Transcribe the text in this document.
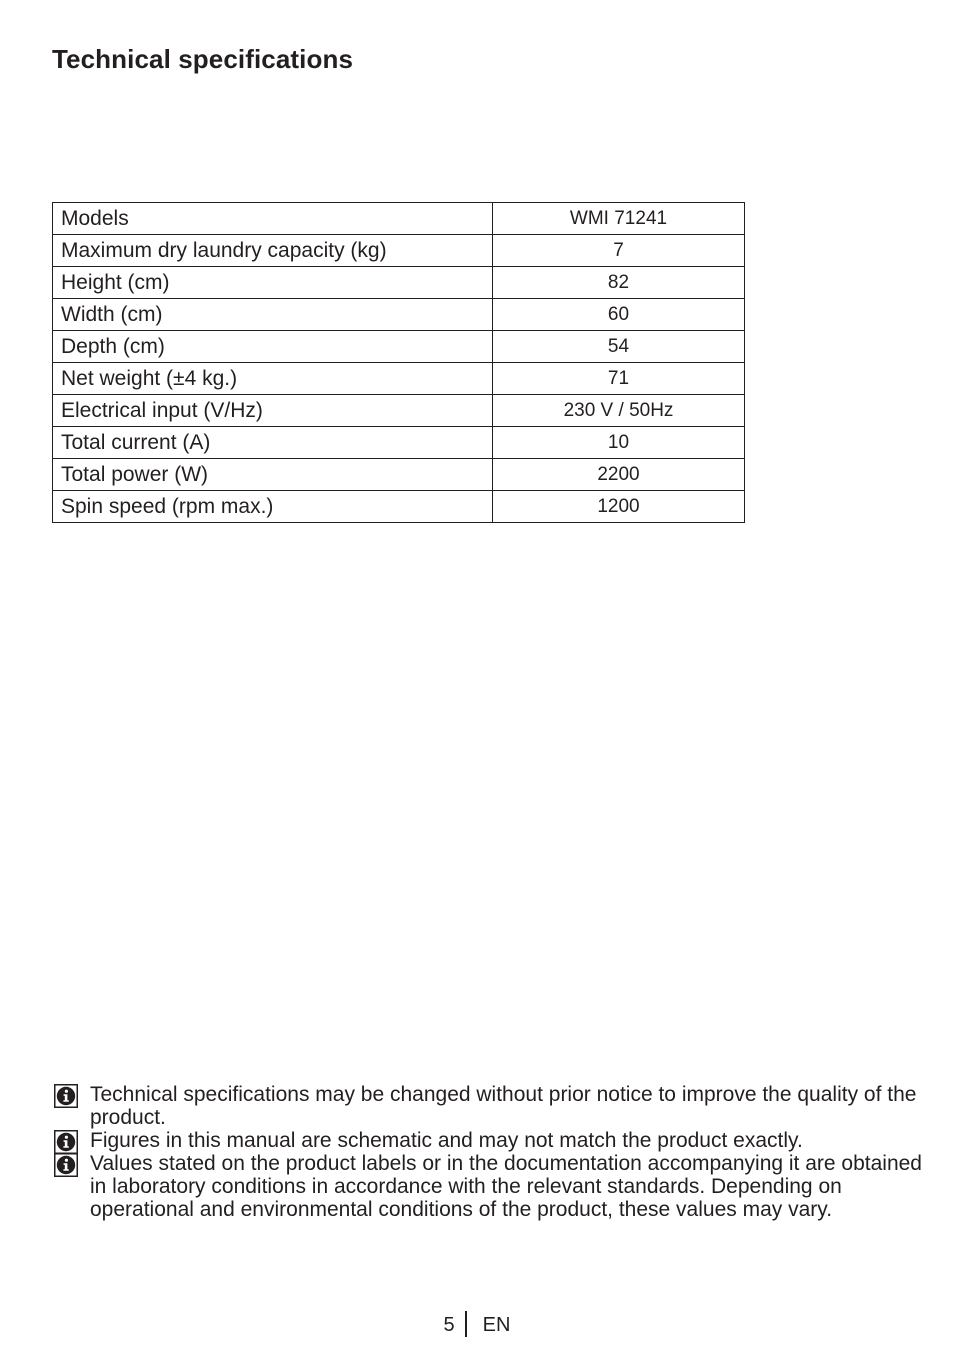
Technical specifications
Models	WMI 71241
Maximum dry laundry capacity (kg)	7
Height (cm)	82
Width (cm)	60
Depth (cm)	54
Net weight (±4 kg.)	71
Electrical input (V/Hz)	230 V / 50Hz
Total current (A)	10
Total power (W)	2200
Spin speed (rpm max.)	1200
Technical specifications may be changed without prior notice to improve the quality of the product.
Figures in this manual are schematic and may not match the product exactly.
Values stated on the product labels or in the documentation accompanying it are obtained in laboratory conditions in accordance with the relevant standards. Depending on operational and environmental conditions of the product, these values may vary.
5 EN
